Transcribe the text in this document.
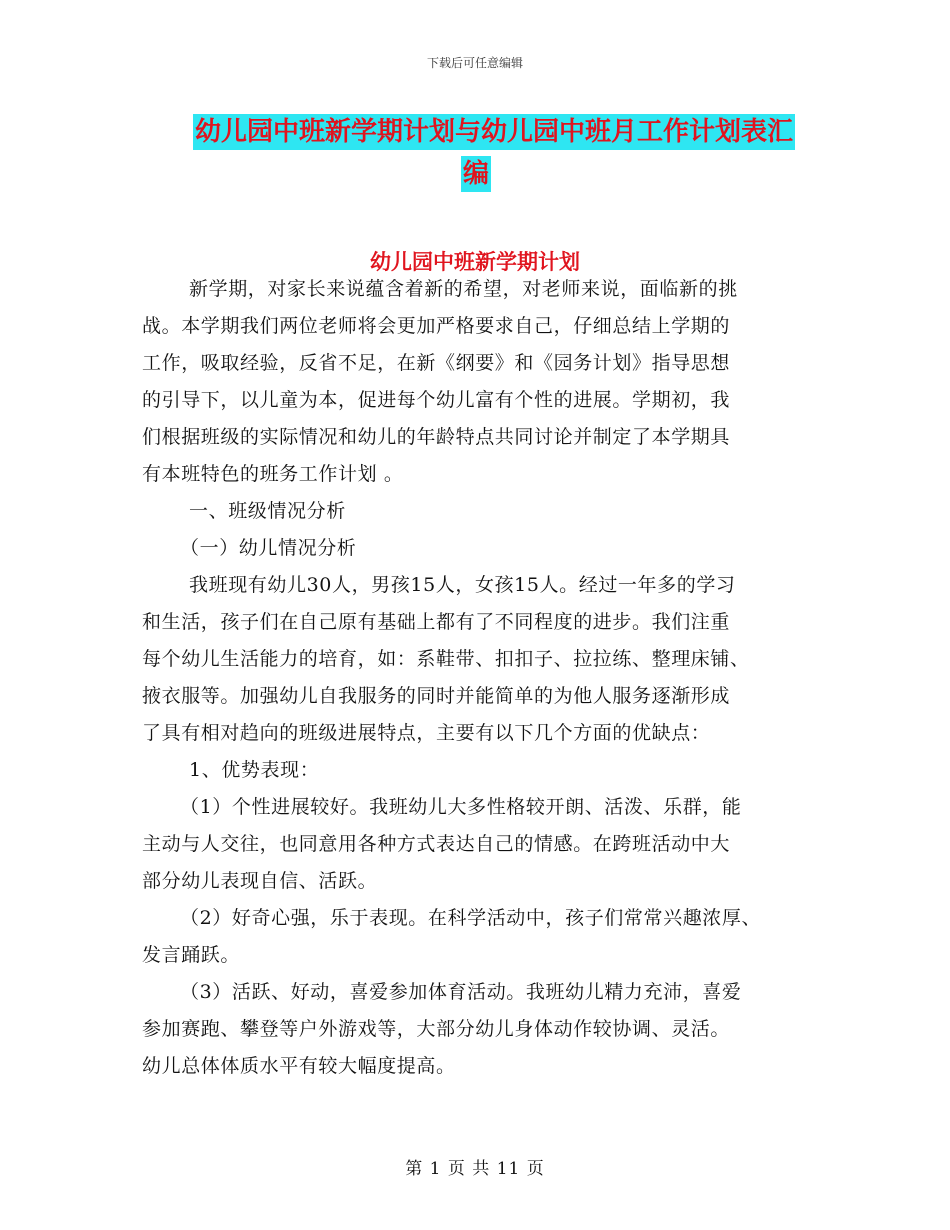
下载后可任意编辑
幼儿园中班新学期计划与幼儿园中班月工作计划表汇
编
幼儿园中班新学期计划
新学期，对家长来说蕴含着新的希望，对老师来说，面临新的挑
战。本学期我们两位老师将会更加严格要求自己，仔细总结上学期的
工作，吸取经验，反省不足，在新《纲要》和《园务计划》指导思想
的引导下，以儿童为本，促进每个幼儿富有个性的进展。学期初，我
们根据班级的实际情况和幼儿的年龄特点共同讨论并制定了本学期具
有本班特色的班务工作计划 。
一、班级情况分析
（一）幼儿情况分析
我班现有幼儿30人，男孩15人，女孩15人。经过一年多的学习
和生活，孩子们在自己原有基础上都有了不同程度的进步。我们注重
每个幼儿生活能力的培育，如：系鞋带、扣扣子、拉拉练、整理床铺、
掖衣服等。加强幼儿自我服务的同时并能简单的为他人服务逐渐形成
了具有相对趋向的班级进展特点，主要有以下几个方面的优缺点：
1、优势表现：
（1）个性进展较好。我班幼儿大多性格较开朗、活泼、乐群，能
主动与人交往，也同意用各种方式表达自己的情感。在跨班活动中大
部分幼儿表现自信、活跃。
（2）好奇心强，乐于表现。在科学活动中，孩子们常常兴趣浓厚、
发言踊跃。
（3）活跃、好动，喜爱参加体育活动。我班幼儿精力充沛，喜爱
参加赛跑、攀登等户外游戏等，大部分幼儿身体动作较协调、灵活。
幼儿总体体质水平有较大幅度提高。
第 1 页 共 11 页
